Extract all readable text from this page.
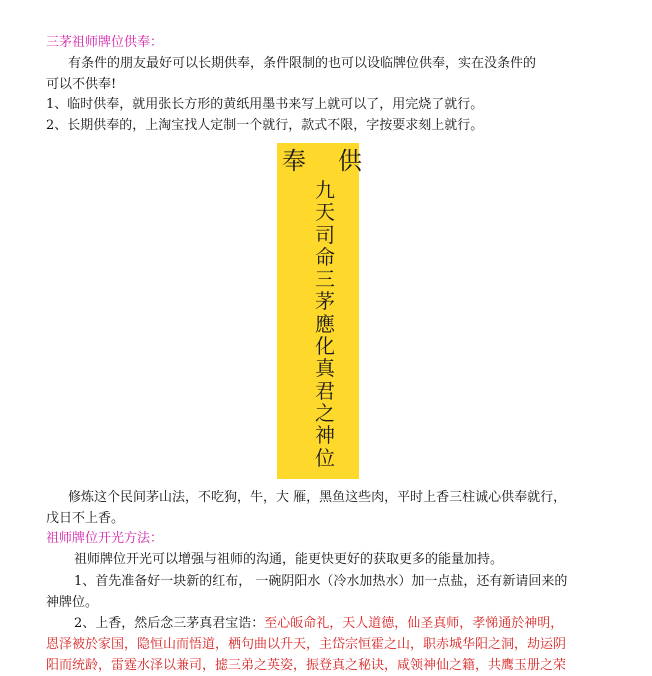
三茅祖师牌位供奉：
有条件的朋友最好可以长期供奉，条件限制的也可以设临牌位供奉，实在没条件的
可以不供奉!
1、临时供奉，就用张长方形的黄纸用墨书来写上就可以了，用完烧了就行。
2、长期供奉的，上淘宝找人定制一个就行，款式不限，字按要求刻上就行。
奉 供
九天司命三茅應化真君之神位
修炼这个民间茅山法，不吃狗，牛，大 雁，黑鱼这些肉，平时上香三柱诚心供奉就行，
戊日不上香。
祖师牌位开光方法：
祖师牌位开光可以增强与祖师的沟通，能更快更好的获取更多的能量加持。
1、首先准备好一块新的红布， 一碗阴阳水（冷水加热水）加一点盐，还有新请回来的
神牌位。
2、上香，然后念三茅真君宝诰：至心皈命礼，天人道德，仙圣真师，孝悌通於神明，
恩泽被於家国，隐恒山而悟道，栖句曲以升天，主岱宗恒霍之山，职赤城华阳之洞，劫运阴
阳而统龄，雷霆水泽以兼司，摅三弟之英姿，振登真之秘诀，咸领神仙之籍，共鹰玉册之荣
